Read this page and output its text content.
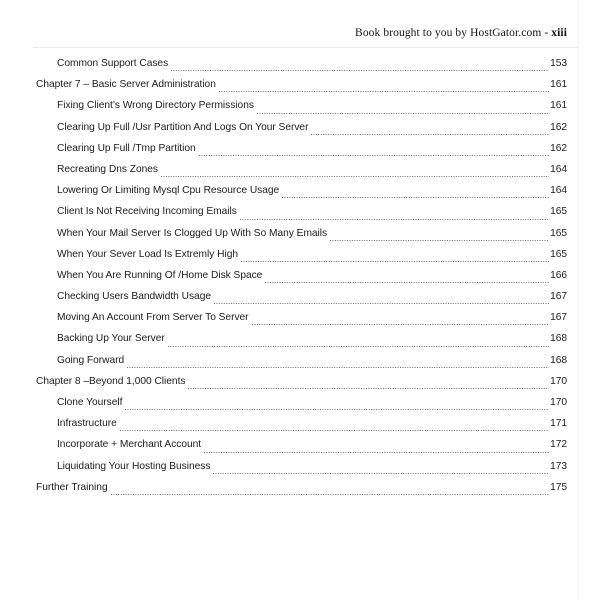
Book brought to you by HostGator.com - xiii
Common Support Cases	153
Chapter 7 – Basic Server Administration	161
Fixing Client’s Wrong Directory Permissions	161
Clearing Up Full /Usr Partition And Logs On Your Server	162
Clearing Up Full /Tmp Partition	162
Recreating Dns Zones	164
Lowering Or Limiting Mysql Cpu Resource Usage	164
Client Is Not Receiving Incoming Emails	165
When Your Mail Server Is Clogged Up With So Many Emails	165
When Your Sever Load Is Extremly High	165
When You Are Running Of /Home Disk Space	166
Checking Users Bandwidth Usage	167
Moving An Account From Server To Server	167
Backing Up Your Server	168
Going Forward	168
Chapter 8 –Beyond 1,000 Clients	170
Clone Yourself	170
Infrastructure	171
Incorporate + Merchant Account	172
Liquidating Your Hosting Business	173
Further Training	175
